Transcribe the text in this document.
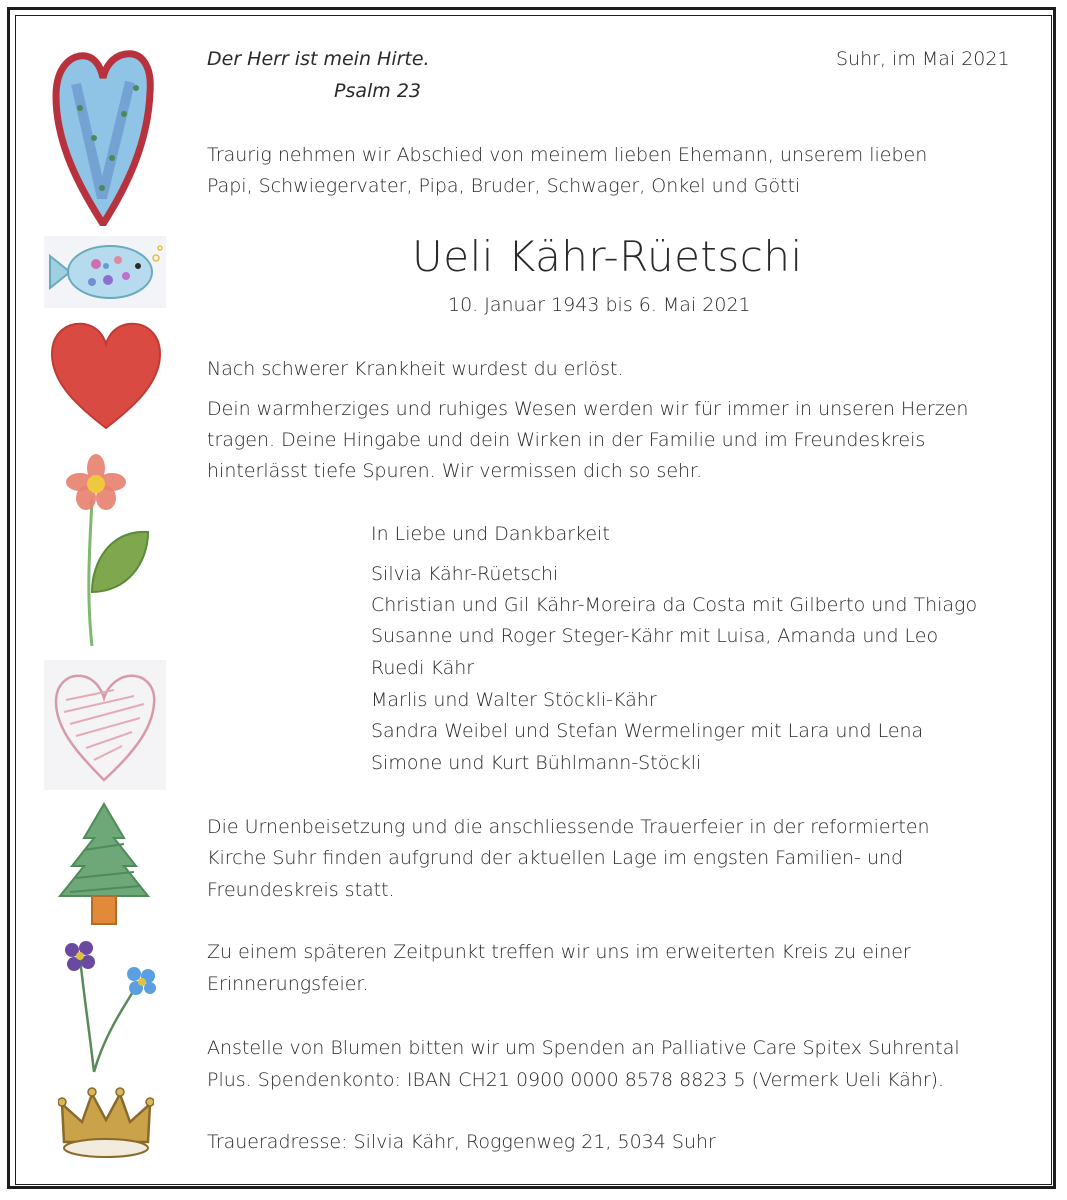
Der Herr ist mein Hirte.
Psalm 23
Suhr, im Mai 2021
Traurig nehmen wir Abschied von meinem lieben Ehemann, unserem lieben
Papi, Schwiegervater, Pipa, Bruder, Schwager, Onkel und Götti
Ueli Kähr-Rüetschi
10. Januar 1943 bis 6. Mai 2021
Nach schwerer Krankheit wurdest du erlöst.
Dein warmherziges und ruhiges Wesen werden wir für immer in unseren Herzen
tragen. Deine Hingabe und dein Wirken in der Familie und im Freundeskreis
hinterlässt tiefe Spuren. Wir vermissen dich so sehr.
In Liebe und Dankbarkeit
Silvia Kähr-Rüetschi
Christian und Gil Kähr-Moreira da Costa mit Gilberto und Thiago
Susanne und Roger Steger-Kähr mit Luisa, Amanda und Leo
Ruedi Kähr
Marlis und Walter Stöckli-Kähr
Sandra Weibel und Stefan Wermelinger mit Lara und Lena
Simone und Kurt Bühlmann-Stöckli
Die Urnenbeisetzung und die anschliessende Trauerfeier in der reformierten
Kirche Suhr finden aufgrund der aktuellen Lage im engsten Familien- und
Freundeskreis statt.
Zu einem späteren Zeitpunkt treffen wir uns im erweiterten Kreis zu einer
Erinnerungsfeier.
Anstelle von Blumen bitten wir um Spenden an Palliative Care Spitex Suhrental
Plus. Spendenkonto: IBAN CH21 0900 0000 8578 8823 5 (Vermerk Ueli Kähr).
Traueradresse: Silvia Kähr, Roggenweg 21, 5034 Suhr
